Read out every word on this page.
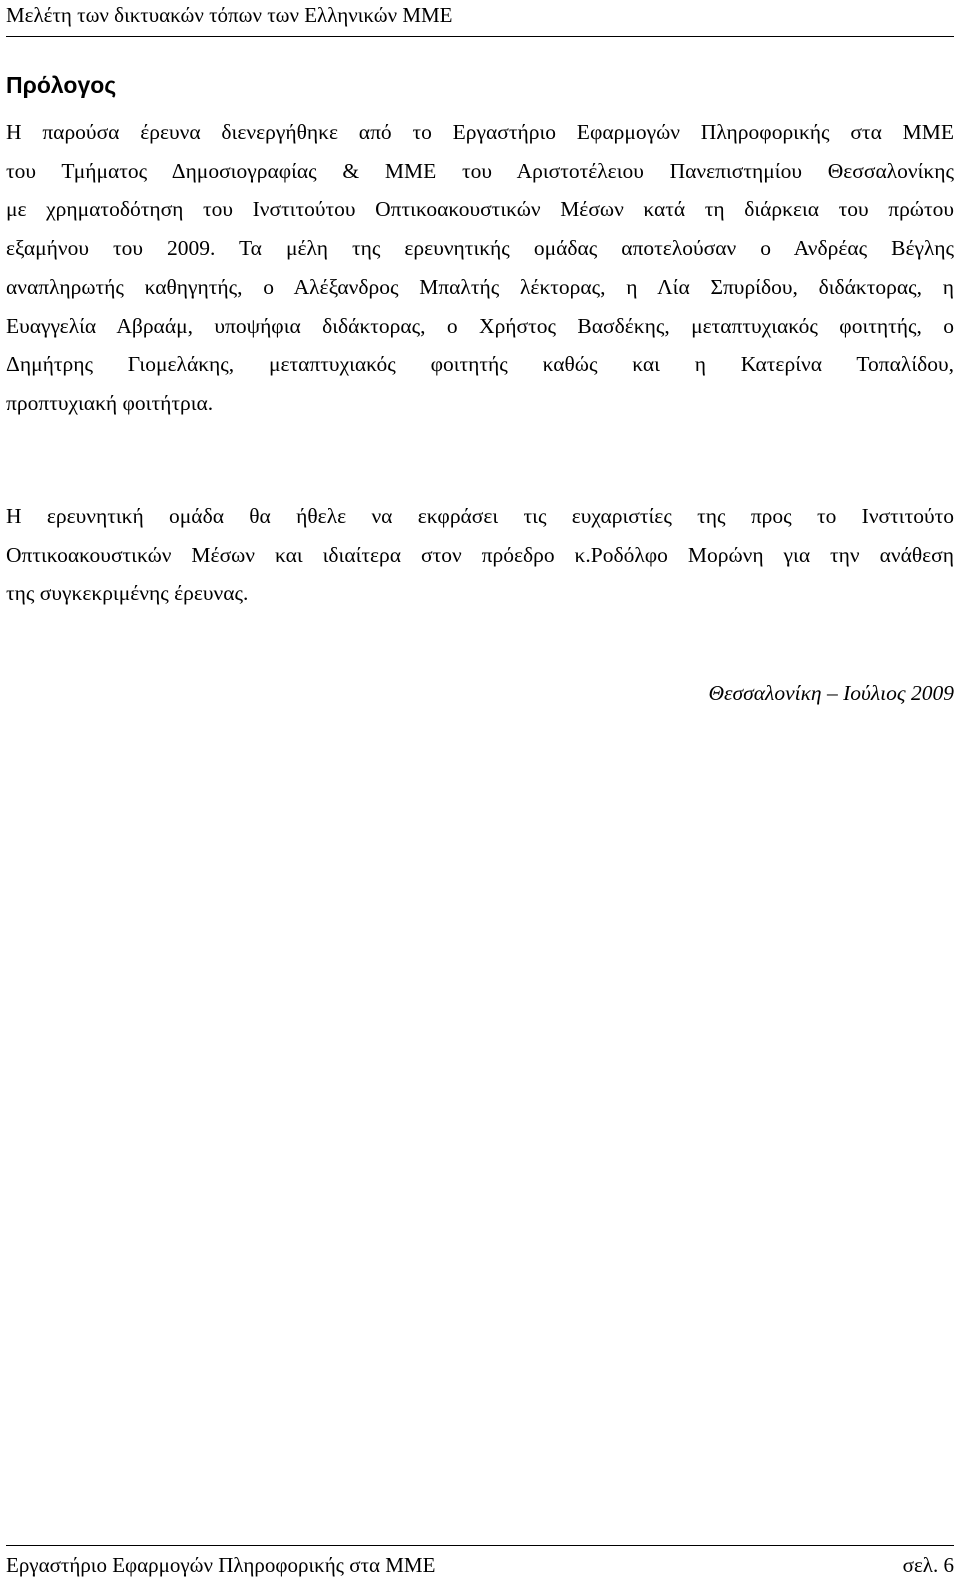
Μελέτη των δικτυακών τόπων των Ελληνικών ΜΜΕ
Πρόλογος

Η παρούσα έρευνα διενεργήθηκε από το Εργαστήριο Εφαρμογών Πληροφορικής στα ΜΜΕ
του Τμήματος Δημοσιογραφίας & ΜΜΕ του Αριστοτέλειου Πανεπιστημίου Θεσσαλονίκης
με χρηματοδότηση του Ινστιτούτου Οπτικοακουστικών Μέσων κατά τη διάρκεια του πρώτου
εξαμήνου του 2009. Τα μέλη της ερευνητικής ομάδας αποτελούσαν ο Ανδρέας Βέγλης
αναπληρωτής καθηγητής, ο Αλέξανδρος Μπαλτής λέκτορας, η Λία Σπυρίδου, διδάκτορας, η
Ευαγγελία Αβραάμ, υποψήφια διδάκτορας, ο Χρήστος Βασδέκης, μεταπτυχιακός φοιτητής, ο
Δημήτρης Γιομελάκης, μεταπτυχιακός φοιτητής καθώς και η Κατερίνα Τοπαλίδου,
προπτυχιακή φοιτήτρια.

Η ερευνητική ομάδα θα ήθελε να εκφράσει τις ευχαριστίες της προς το Ινστιτούτο
Οπτικοακουστικών Μέσων και ιδιαίτερα στον πρόεδρο κ.Ροδόλφο Μορώνη για την ανάθεση
της συγκεκριμένης έρευνας.

Θεσσαλονίκη – Ιούλιος 2009
Εργαστήριο Εφαρμογών Πληροφορικής στα ΜΜΕ	σελ. 6
